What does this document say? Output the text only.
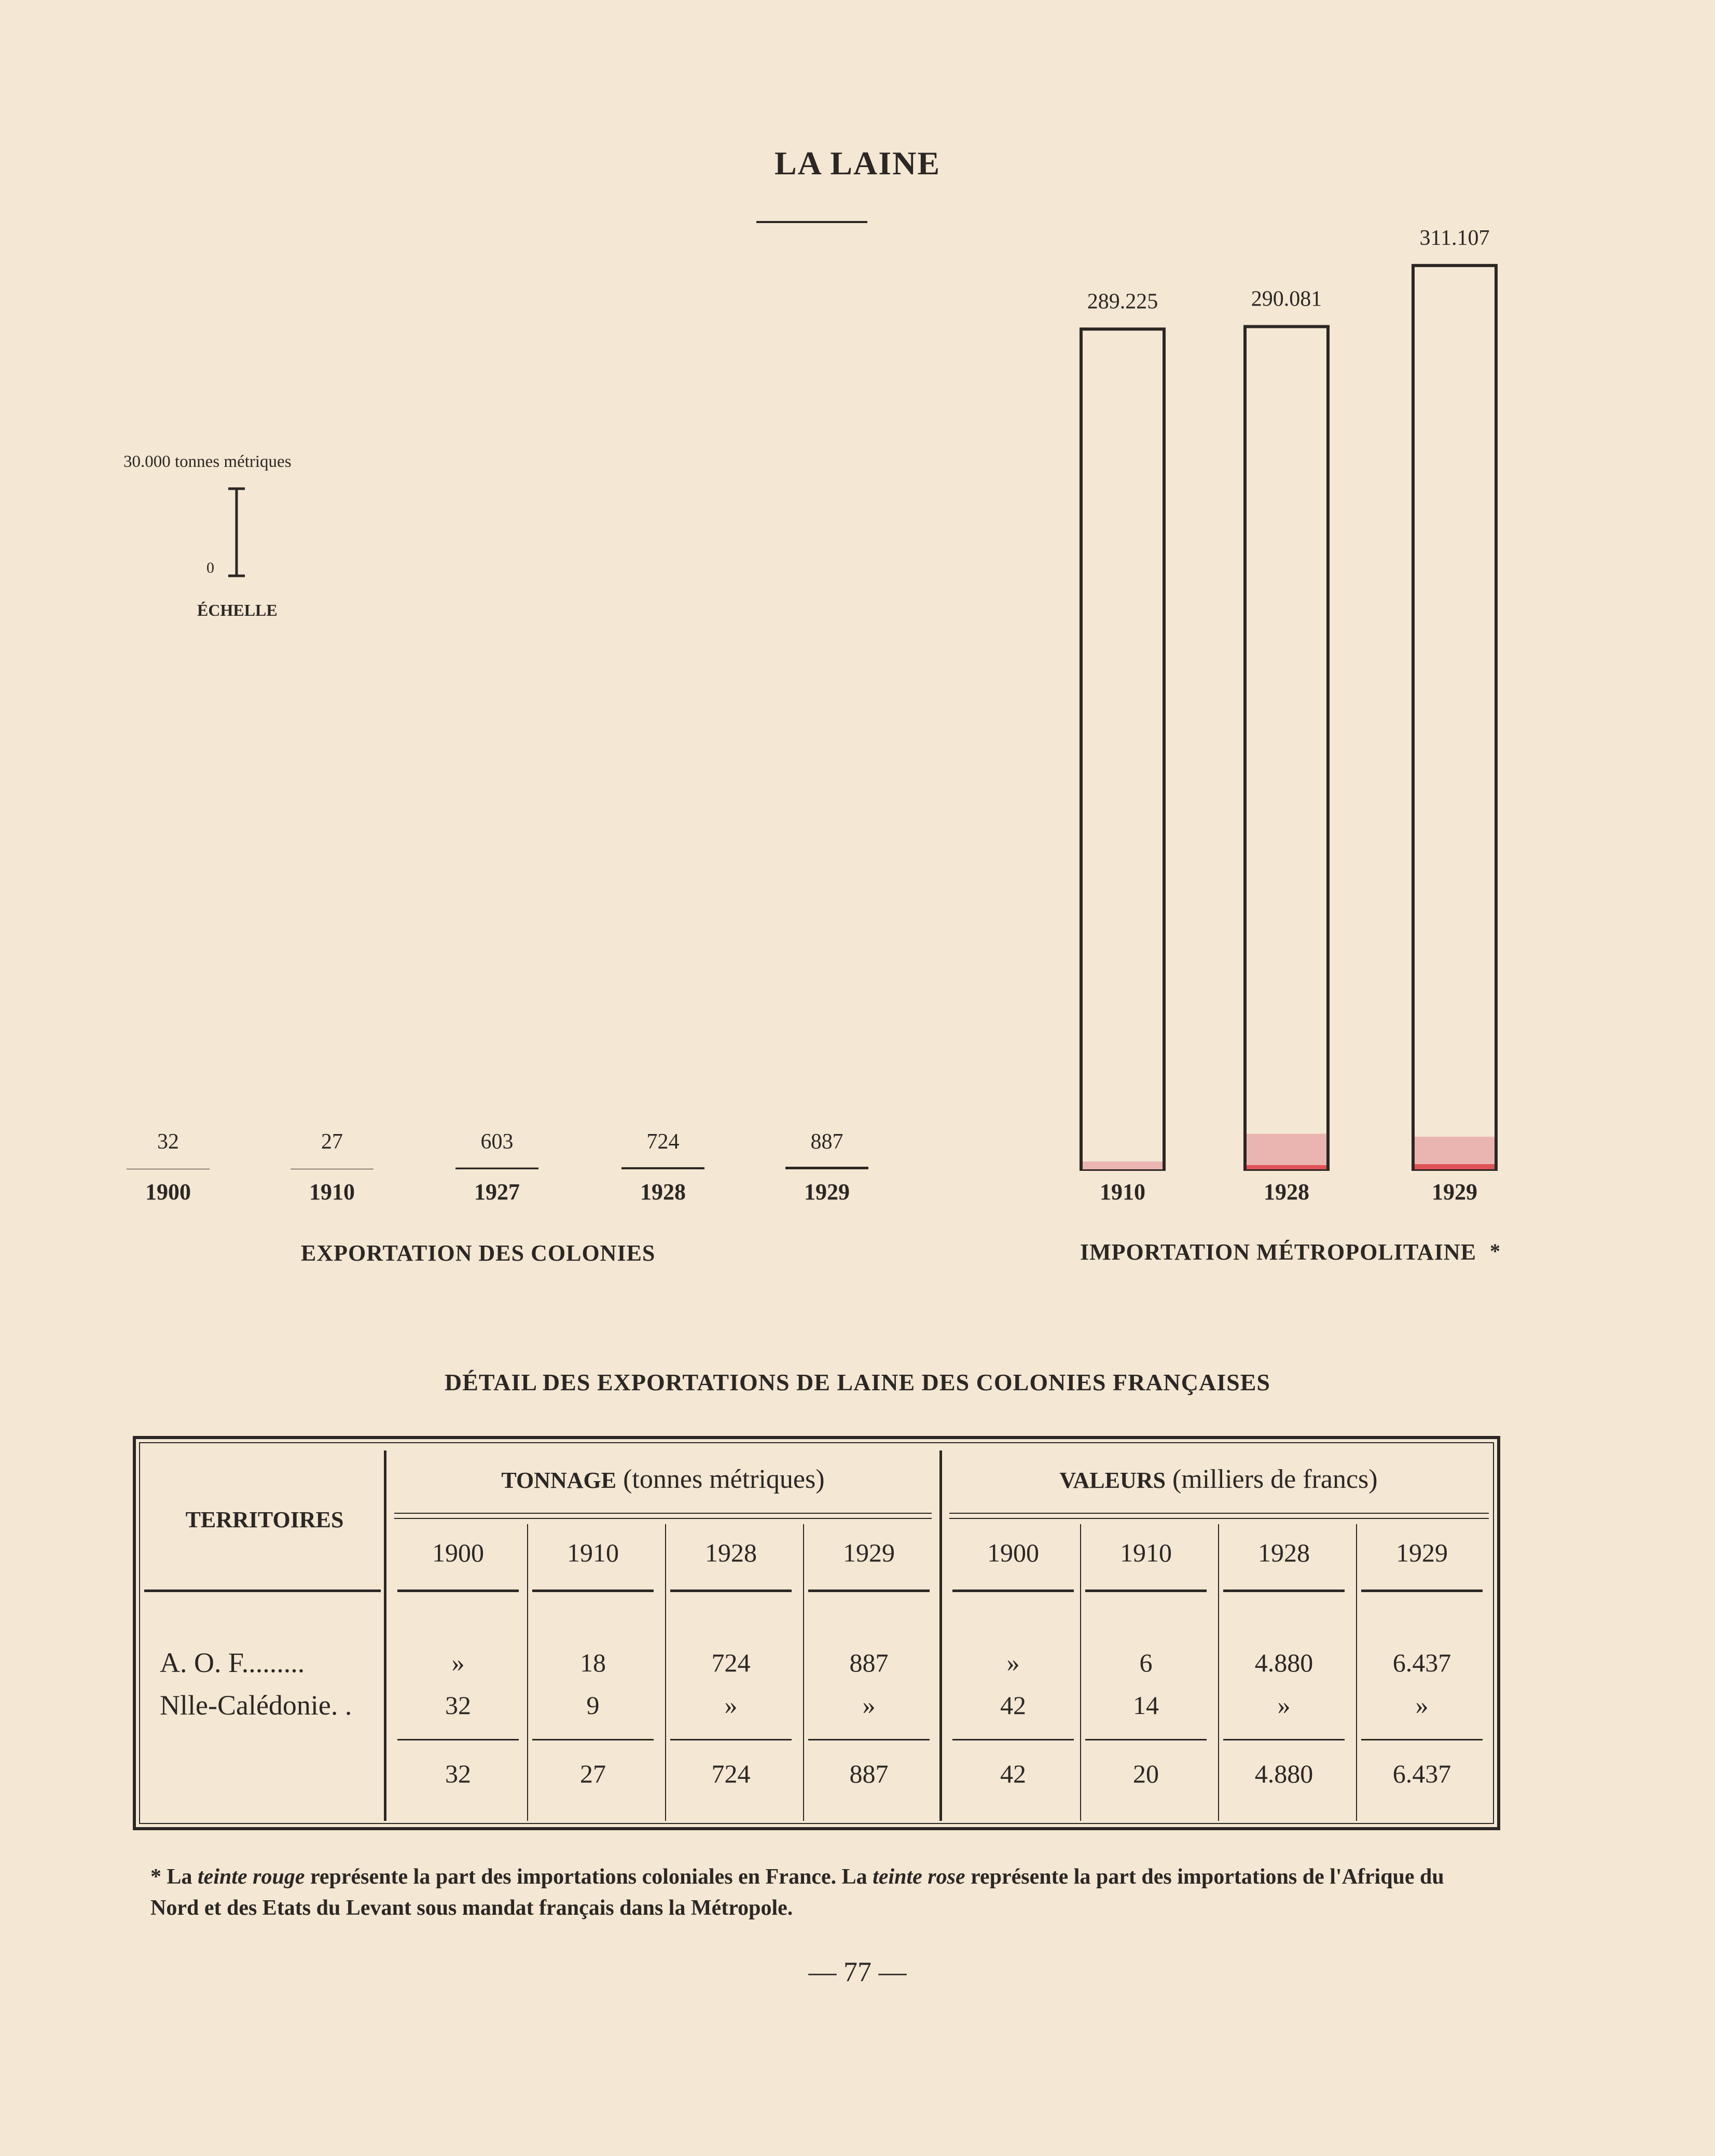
LA LAINE
30.000 tonnes métriques
0
ÉCHELLE
32
1900
27
1910
603
1927
724
1928
887
1929
289.225
1910
290.081
1928
311.107
1929
EXPORTATION DES COLONIES	IMPORTATION MÉTROPOLITAINE *
DÉTAIL DES EXPORTATIONS DE LAINE DES COLONIES FRANÇAISES
TERRITOIRES
TONNAGE (tonnes métriques)	VALEURS (milliers de francs)
1900	1910	1928	1929	1900	1910	1928	1929
A. O. F.........	»	18	724	887	»	6	4.880	6.437
Nlle-Calédonie. .	32	9	»	»	42	14	»	»
32	27	724	887	42	20	4.880	6.437
* La teinte rouge représente la part des importations coloniales en France. La teinte rose représente la part des importations de l'Afrique du Nord et des Etats du Levant sous mandat français dans la Métropole.
— 77 —
